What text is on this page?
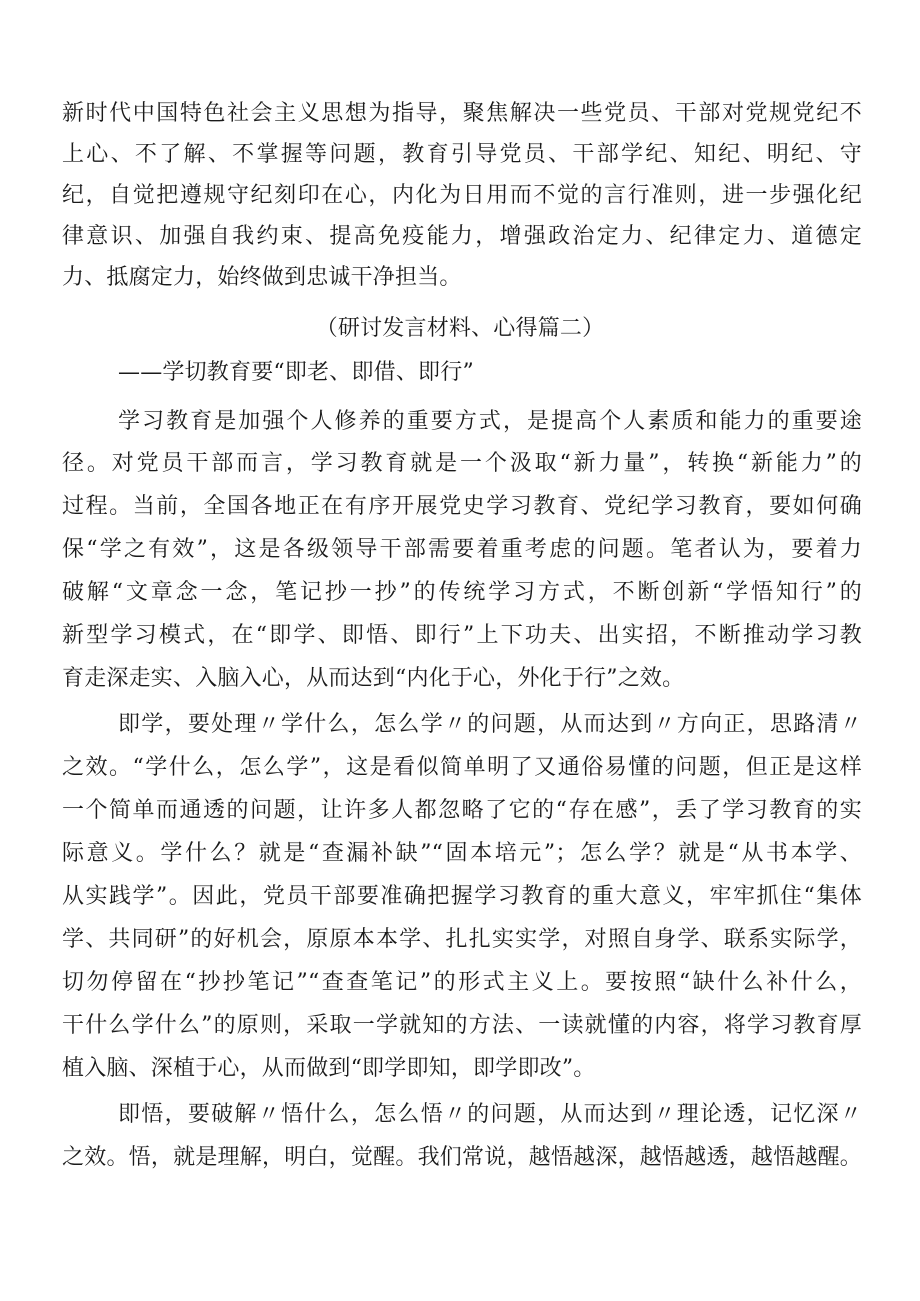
新时代中国特色社会主义思想为指导，聚焦解决一些党员、干部对党规党纪不
上心、不了解、不掌握等问题，教育引导党员、干部学纪、知纪、明纪、守
纪，自觉把遵规守纪刻印在心，内化为日用而不觉的言行准则，进一步强化纪
律意识、加强自我约束、提高免疫能力，增强政治定力、纪律定力、道德定
力、抵腐定力，始终做到忠诚干净担当。
（研讨发言材料、心得篇二）
——学切教育要“即老、即借、即行”
学习教育是加强个人修养的重要方式，是提高个人素质和能力的重要途
径。对党员干部而言，学习教育就是一个汲取“新力量”，转换“新能力”的
过程。当前，全国各地正在有序开展党史学习教育、党纪学习教育，要如何确
保“学之有效”，这是各级领导干部需要着重考虑的问题。笔者认为，要着力
破解“文章念一念，笔记抄一抄”的传统学习方式，不断创新“学悟知行”的
新型学习模式，在“即学、即悟、即行”上下功夫、出实招，不断推动学习教
育走深走实、入脑入心，从而达到“内化于心，外化于行”之效。
即学，要处理〃学什么，怎么学〃的问题，从而达到〃方向正，思路清〃
之效。“学什么，怎么学”，这是看似简单明了又通俗易懂的问题，但正是这样
一个简单而通透的问题，让许多人都忽略了它的“存在感”，丢了学习教育的实
际意义。学什么？就是“查漏补缺”“固本培元”；怎么学？就是“从书本学、
从实践学”。因此，党员干部要准确把握学习教育的重大意义，牢牢抓住“集体
学、共同研”的好机会，原原本本学、扎扎实实学，对照自身学、联系实际学，
切勿停留在“抄抄笔记”“查查笔记”的形式主义上。要按照“缺什么补什么，
干什么学什么”的原则，采取一学就知的方法、一读就懂的内容，将学习教育厚
植入脑、深植于心，从而做到“即学即知，即学即改”。
即悟，要破解〃悟什么，怎么悟〃的问题，从而达到〃理论透，记忆深〃
之效。悟，就是理解，明白，觉醒。我们常说，越悟越深，越悟越透，越悟越醒。
